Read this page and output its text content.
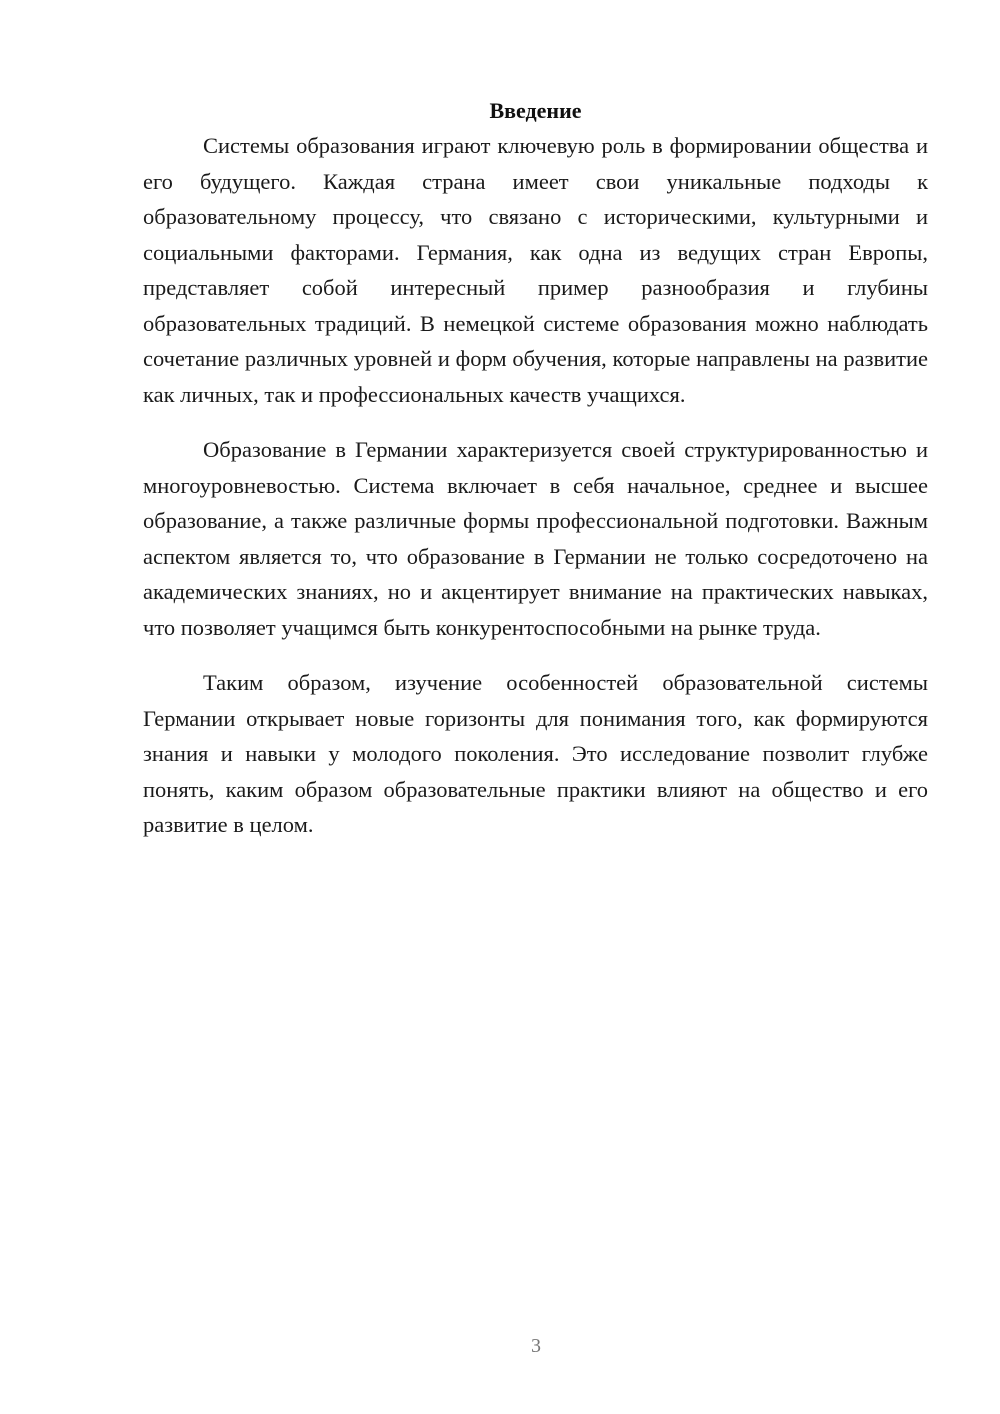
Введение

Системы образования играют ключевую роль в формировании общества и его будущего. Каждая страна имеет свои уникальные подходы к образовательному процессу, что связано с историческими, культурными и социальными факторами. Германия, как одна из ведущих стран Европы, представляет собой интересный пример разнообразия и глубины образовательных традиций. В немецкой системе образования можно наблюдать сочетание различных уровней и форм обучения, которые направлены на развитие как личных, так и профессиональных качеств учащихся.

Образование в Германии характеризуется своей структурированностью и многоуровневостью. Система включает в себя начальное, среднее и высшее образование, а также различные формы профессиональной подготовки. Важным аспектом является то, что образование в Германии не только сосредоточено на академических знаниях, но и акцентирует внимание на практических навыках, что позволяет учащимся быть конкурентоспособными на рынке труда.

Таким образом, изучение особенностей образовательной системы Германии открывает новые горизонты для понимания того, как формируются знания и навыки у молодого поколения. Это исследование позволит глубже понять, каким образом образовательные практики влияют на общество и его развитие в целом.

3
